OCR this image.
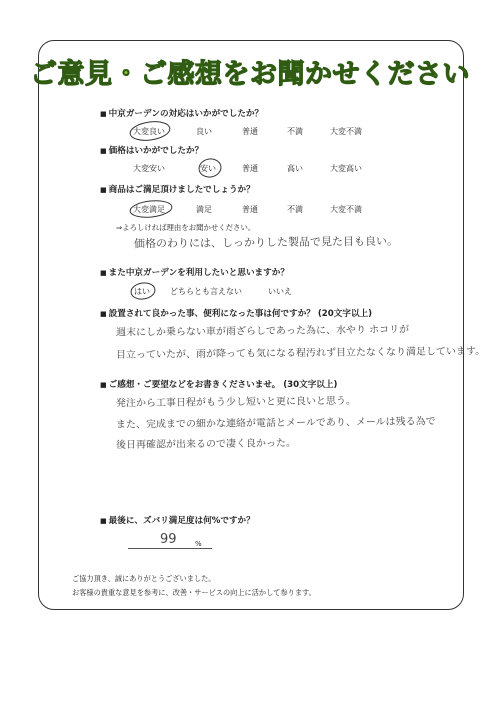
ご意見・ご感想をお聞かせください
■ 中京ガーデンの対応はいかがでしたか？
大変良い	良い	普通	不満	大変不満
■ 価格はいかがでしたか？
大変安い	安い	普通	高い	大変高い
■ 商品はご満足頂けましたでしょうか？
大変満足	満足	普通	不満	大変不満
⇒よろしければ理由をお聞かせください。
価格のわりには、しっかりした製品で見た目も良い。
■ また中京ガーデンを利用したいと思いますか？
はい	どちらとも言えない	いいえ
■ 設置されて良かった事、便利になった事は何ですか？ (20文字以上)
週末にしか乗らない車が雨ざらしであった為に、水やり ホコリが
目立っていたが、雨が降っても気になる程汚れず目立たなくなり満足しています。
■ ご感想・ご要望などをお書きくださいませ。 (30文字以上)
発注から工事日程がもう少し短いと更に良いと思う。
また、完成までの細かな連絡が電話とメールであり、メールは残る為で
後日再確認が出来るので凄く良かった。
■ 最後に、ズバリ満足度は何%ですか？
99	%
ご協力頂き、誠にありがとうございました。
お客様の貴重な意見を参考に、改善・サービスの向上に活かして参ります。
